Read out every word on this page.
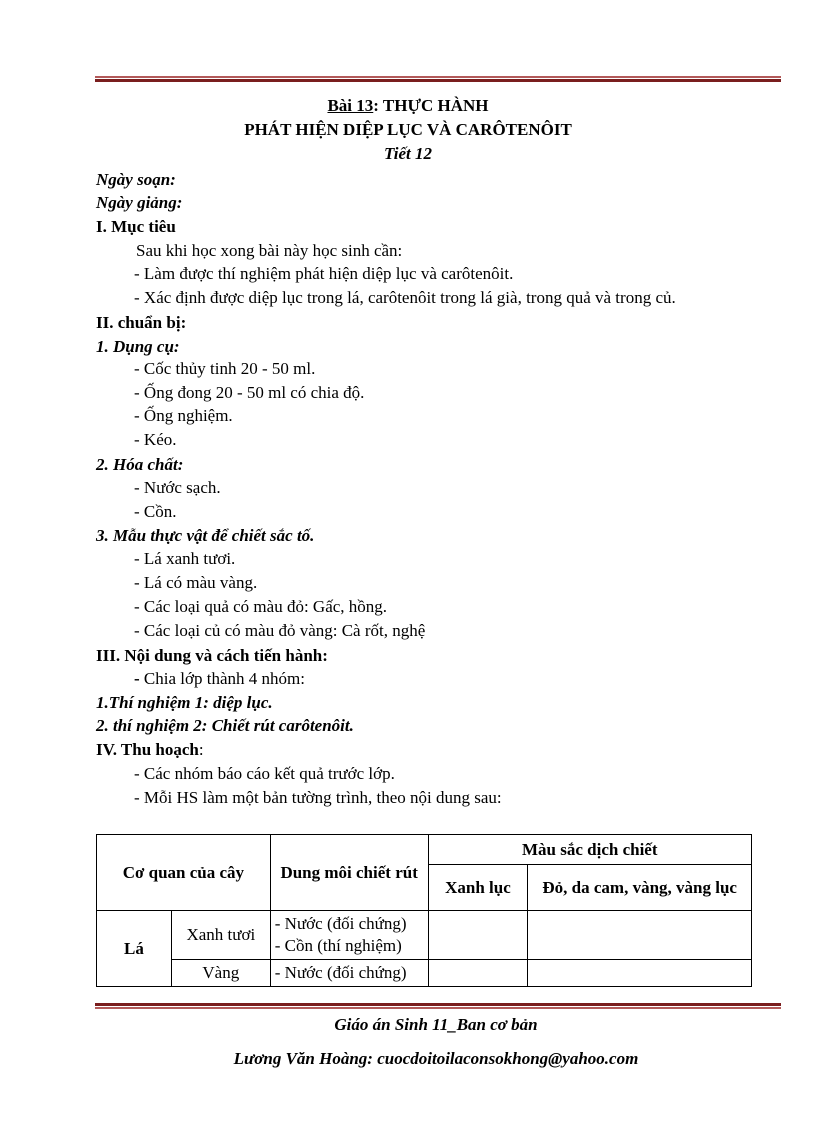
Bài 13: THỰC HÀNH
PHÁT HIỆN DIỆP LỤC VÀ CARÔTENÔIT
Tiết 12
Ngày soạn:
Ngày giảng:
I. Mục tiêu
Sau khi học xong bài này học sinh cần:
- Làm được thí nghiệm phát hiện diệp lục và carôtenôit.
- Xác định được diệp lục trong lá, carôtenôit trong lá già, trong quả và trong củ.
II. chuẩn bị:
1. Dụng cụ:
- Cốc thủy tinh 20 - 50 ml.
- Ống đong 20 - 50 ml có chia độ.
- Ống nghiệm.
- Kéo.
2. Hóa chất:
- Nước sạch.
- Cồn.
3. Mẫu thực vật để chiết sắc tố.
- Lá xanh tươi.
- Lá có màu vàng.
- Các loại quả có màu đỏ: Gấc, hồng.
- Các loại củ có màu đỏ vàng: Cà rốt, nghệ
III. Nội dung và cách tiến hành:
- Chia lớp thành 4 nhóm:
1.Thí nghiệm 1: diệp lục.
2. thí nghiệm 2: Chiết rút carôtenôit.
IV. Thu hoạch:
- Các nhóm báo cáo kết quả trước lớp.
- Mỗi HS làm một bản tường trình, theo nội dung sau:
Cơ quan của cây		Dung môi chiết rút	Màu sắc dịch chiết	
			Xanh lục	Đỏ, da cam, vàng, vàng lục
Lá	Xanh tươi	- Nước (đối chứng)
- Cồn (thí nghiệm)		

	Vàng	- Nước (đối chứng)		
Giáo án Sinh 11_Ban cơ bản
Lương Văn Hoàng: cuocdoitoilaconsokhong@yahoo.com
